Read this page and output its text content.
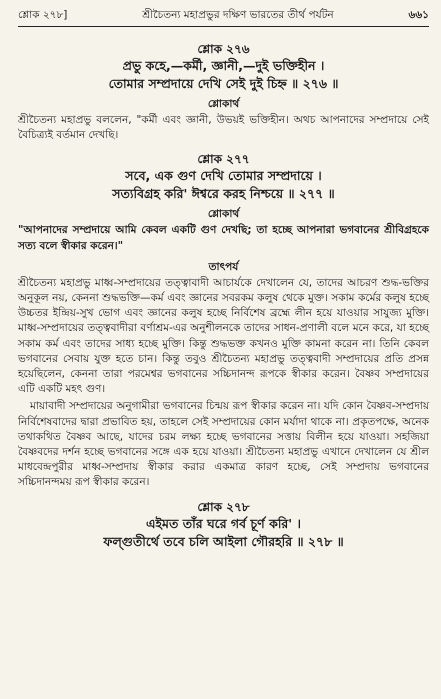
শ্লোক ২৭৮]	শ্রীচৈতন্য মহাপ্রভুর দক্ষিণ ভারতের তীর্থ পর্যটন	৬৬১
শ্লোক ২৭৬
প্রভু কহে,—কর্মী, জ্ঞানী,—দুই ভক্তিহীন ।
তোমার সম্প্রদায়ে দেখি সেই দুই চিহ্ন ॥ ২৭৬ ॥
শ্লোকার্থ

শ্রীচৈতন্য মহাপ্রভু বললেন, "কর্মী এবং জ্ঞানী, উভয়ই ভক্তিহীন। অথচ আপনাদের সম্প্রদায়ে সেই বৈচিত্র্যই বর্তমান দেখছি।

শ্লোক ২৭৭
সবে, এক গুণ দেখি তোমার সম্প্রদায়ে ।
সত্যবিগ্রহ করি' ঈশ্বরে করহ নিশ্চয়ে ॥ ২৭৭ ॥
শ্লোকার্থ

"আপনাদের সম্প্রদায়ে আমি কেবল একটি গুণ দেখছি; তা হচ্ছে আপনারা ভগবানের শ্রীবিগ্রহকে সত্য বলে স্বীকার করেন।"

তাৎপর্য

শ্রীচৈতন্য মহাপ্রভু মাধ্ব-সম্প্রদায়ের তত্ত্বাবাদী আচার্যকে দেখালেন যে, তাদের আচরণ শুদ্ধ-ভক্তির অনুকূল নয়, কেননা শুদ্ধভক্তি—কর্ম এবং জ্ঞানের সবরকম কলুষ থেকে মুক্ত। সকাম কর্মের কলুষ হচ্ছে উচ্চতর ইন্দ্রিয়-সুখ ভোগ এবং জ্ঞানের কলুষ হচ্ছে নির্বিশেষ ব্রহ্মে লীন হয়ে যাওয়ার সাযুজ্য মুক্তি। মাধ্ব-সম্প্রদায়ের তত্ত্ববাদীরা বর্ণাশ্রম-এর অনুশীলনকে তাদের সাধন-প্রণালী বলে মনে করে, যা হচ্ছে সকাম কর্ম এবং তাদের সাধ্য হচ্ছে মুক্তি। কিন্তু শুদ্ধভক্ত কখনও মুক্তি কামনা করেন না। তিনি কেবল ভগবানের সেবায় যুক্ত হতে চান। কিন্তু তবুও শ্রীচৈতন্য মহাপ্রভু তত্ত্ববাদী সম্প্রদায়ের প্রতি প্রসন্ন হয়েছিলেন, কেননা তারা পরমেশ্বর ভগবানের সচ্চিদানন্দ রূপকে স্বীকার করেন। বৈষ্ণব সম্প্রদায়ের এটি একটি মহৎ গুণ।

মায়াবাদী সম্প্রদায়ের অনুগামীরা ভগবানের চিন্ময় রূপ স্বীকার করেন না। যদি কোন বৈষ্ণব-সম্প্রদায় নির্বিশেষবাদের দ্বারা প্রভাবিত হয়, তাহলে সেই সম্প্রদায়ের কোন মর্যাদা থাকে না। প্রকৃতপক্ষে, অনেক তথাকথিত বৈষ্ণব আছে, যাদের চরম লক্ষ্য হচ্ছে ভগবানের সত্তায় বিলীন হয়ে যাওয়া। সহজিয়া বৈষ্ণবদের দর্শন হচ্ছে ভগবানের সঙ্গে এক হয়ে যাওয়া। শ্রীচৈতন্য মহাপ্রভু এখানে দেখালেন যে শ্রীল মাধবেন্দ্রপুরীর মাধ্ব-সম্প্রদায় স্বীকার করার একমাত্র কারণ হচ্ছে, সেই সম্প্রদায় ভগবানের সচ্চিদানন্দময় রূপ স্বীকার করেন।

শ্লোক ২৭৮
এইমত তাঁর ঘরে গর্ব চূর্ণ করি' ।
ফল্গুতীর্থে তবে চলি আইলা গৌরহরি ॥ ২৭৮ ॥
